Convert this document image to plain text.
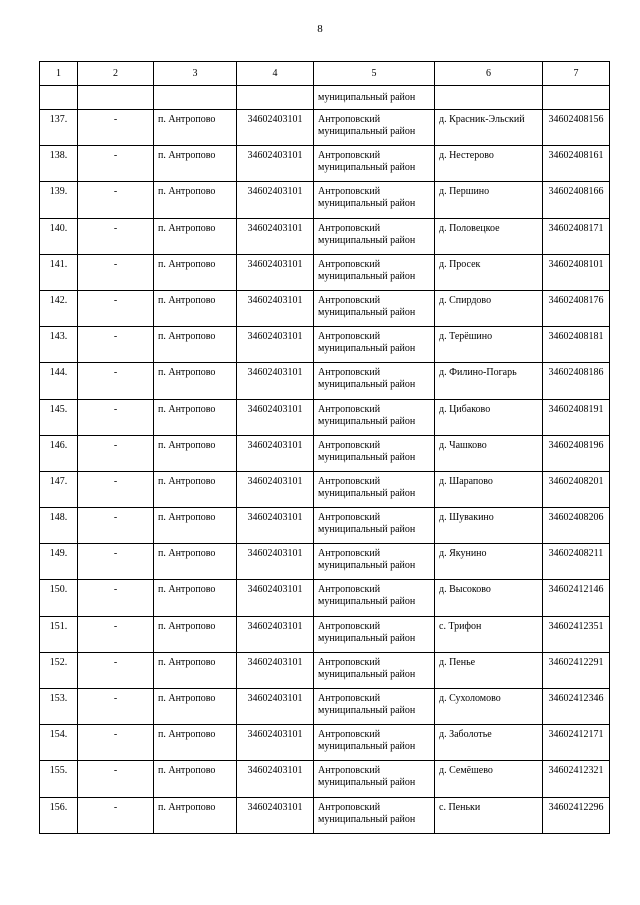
8
1	2	3	4	5	6	7

				муниципальный район		

137.	-	п. Антропово	34602403101	Антроповский
муниципальный район	д. Красник-Эльский	34602408156

138.	-	п. Антропово	34602403101	Антроповский
муниципальный район	д. Нестерово	34602408161

139.	-	п. Антропово	34602403101	Антроповский
муниципальный район	д. Першино	34602408166

140.	-	п. Антропово	34602403101	Антроповский
муниципальный район	д. Половецкое	34602408171

141.	-	п. Антропово	34602403101	Антроповский
муниципальный район	д. Просек	34602408101

142.	-	п. Антропово	34602403101	Антроповский
муниципальный район	д. Спирдово	34602408176

143.	-	п. Антропово	34602403101	Антроповский
муниципальный район	д. Терёшино	34602408181

144.	-	п. Антропово	34602403101	Антроповский
муниципальный район	д. Филино-Погарь	34602408186

145.	-	п. Антропово	34602403101	Антроповский
муниципальный район	д. Цибаково	34602408191

146.	-	п. Антропово	34602403101	Антроповский
муниципальный район	д. Чашково	34602408196

147.	-	п. Антропово	34602403101	Антроповский
муниципальный район	д. Шарапово	34602408201

148.	-	п. Антропово	34602403101	Антроповский
муниципальный район	д. Шувакино	34602408206

149.	-	п. Антропово	34602403101	Антроповский
муниципальный район	д. Якунино	34602408211

150.	-	п. Антропово	34602403101	Антроповский
муниципальный район	д. Высоково	34602412146

151.	-	п. Антропово	34602403101	Антроповский
муниципальный район	с. Трифон	34602412351

152.	-	п. Антропово	34602403101	Антроповский
муниципальный район	д. Пенье	34602412291

153.	-	п. Антропово	34602403101	Антроповский
муниципальный район	д. Сухоломово	34602412346

154.	-	п. Антропово	34602403101	Антроповский
муниципальный район	д. Заболотье	34602412171

155.	-	п. Антропово	34602403101	Антроповский
муниципальный район	д. Семёшево	34602412321

156.	-	п. Антропово	34602403101	Антроповский
муниципальный район	с. Пеньки	34602412296
